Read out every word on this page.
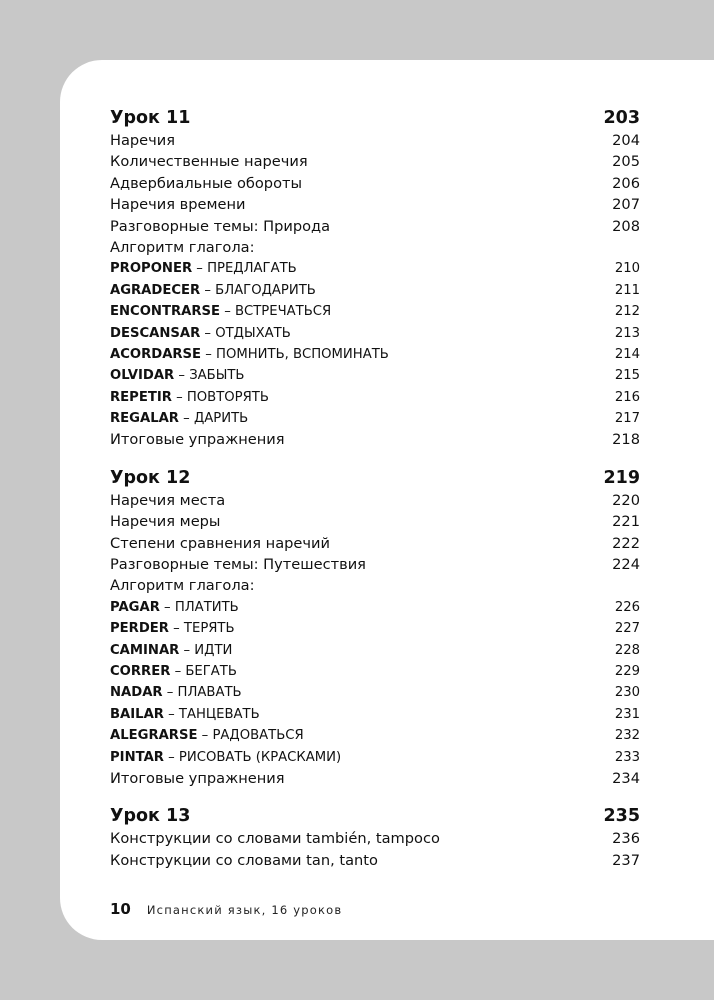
Урок 11	203
Наречия	204
Количественные наречия	205
Адвербиальные обороты	206
Наречия времени	207
Разговорные темы: Природа	208
Алгоритм глагола:
PROPONER – ПРЕДЛАГАТЬ	210
AGRADECER – БЛАГОДАРИТЬ	211
ENCONTRARSE – ВСТРЕЧАТЬСЯ	212
DESCANSAR – ОТДЫХАТЬ	213
ACORDARSE – ПОМНИТЬ, ВСПОМИНАТЬ	214
OLVIDAR – ЗАБЫТЬ	215
REPETIR – ПОВТОРЯТЬ	216
REGALAR – ДАРИТЬ	217
Итоговые упражнения	218
Урок 12	219
Наречия места	220
Наречия меры	221
Степени сравнения наречий	222
Разговорные темы: Путешествия	224
Алгоритм глагола:
PAGAR – ПЛАТИТЬ	226
PERDER – ТЕРЯТЬ	227
CAMINAR – ИДТИ	228
CORRER – БЕГАТЬ	229
NADAR – ПЛАВАТЬ	230
BAILAR – ТАНЦЕВАТЬ	231
ALEGRARSE – РАДОВАТЬСЯ	232
PINTAR – РИСОВАТЬ (КРАСКАМИ)	233
Итоговые упражнения	234
Урок 13	235
Конструкции со словами también, tampoco	236
Конструкции со словами tan, tanto	237
10 Испанский язык, 16 уроков
